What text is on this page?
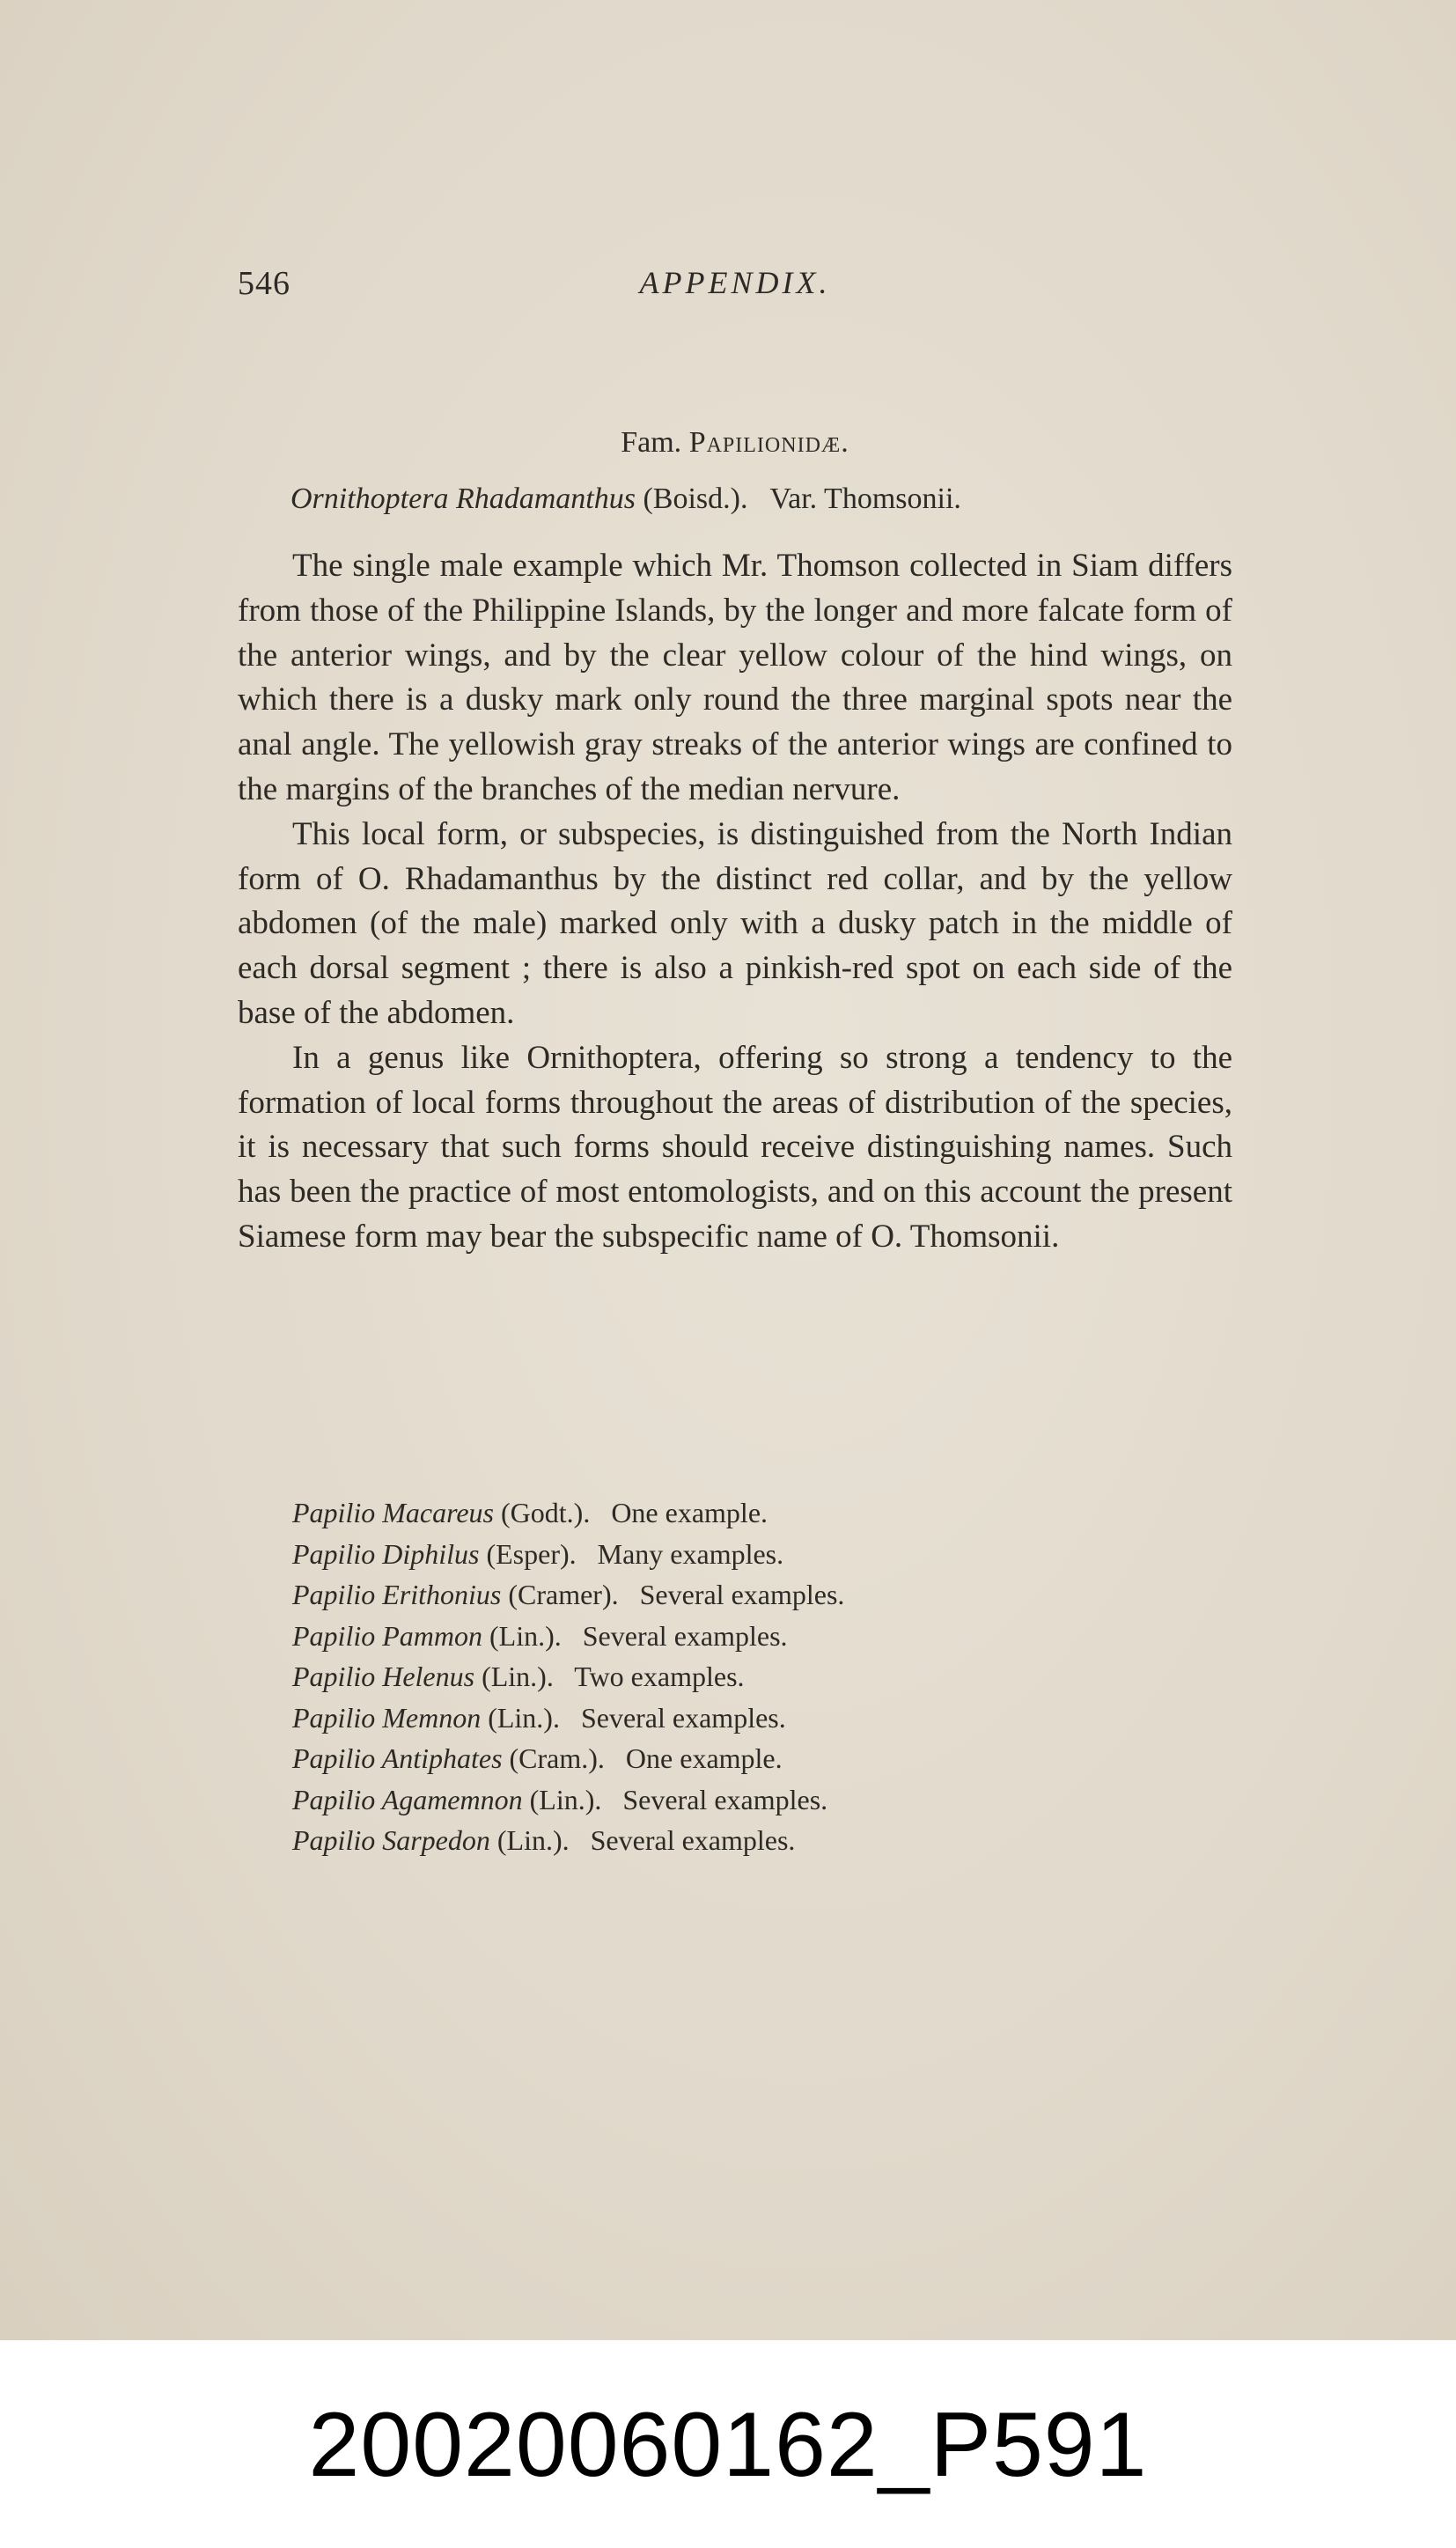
546	APPENDIX.
Fam. Papilionidæ.
Ornithoptera Rhadamanthus (Boisd.).   Var. Thomsonii.

The single male example which Mr. Thomson collected in Siam differs from those of the Philippine Islands, by the longer and more falcate form of the anterior wings, and by the clear yellow colour of the hind wings, on which there is a dusky mark only round the three marginal spots near the anal angle. The yellowish gray streaks of the anterior wings are confined to the margins of the branches of the median nervure.

This local form, or subspecies, is distinguished from the North Indian form of O. Rhadamanthus by the distinct red collar, and by the yellow abdomen (of the male) marked only with a dusky patch in the middle of each dorsal segment ; there is also a pinkish-red spot on each side of the base of the abdomen.

In a genus like Ornithoptera, offering so strong a tendency to the formation of local forms throughout the areas of distribution of the species, it is necessary that such forms should receive distinguishing names. Such has been the practice of most entomologists, and on this account the present Siamese form may bear the subspecific name of O. Thomsonii.

Papilio Macareus (Godt.).   One example.
Papilio Diphilus (Esper).   Many examples.
Papilio Erithonius (Cramer).   Several examples.
Papilio Pammon (Lin.).   Several examples.
Papilio Helenus (Lin.).   Two examples.
Papilio Memnon (Lin.).   Several examples.
Papilio Antiphates (Cram.).   One example.
Papilio Agamemnon (Lin.).   Several examples.
Papilio Sarpedon (Lin.).   Several examples.
20020060162_P591
